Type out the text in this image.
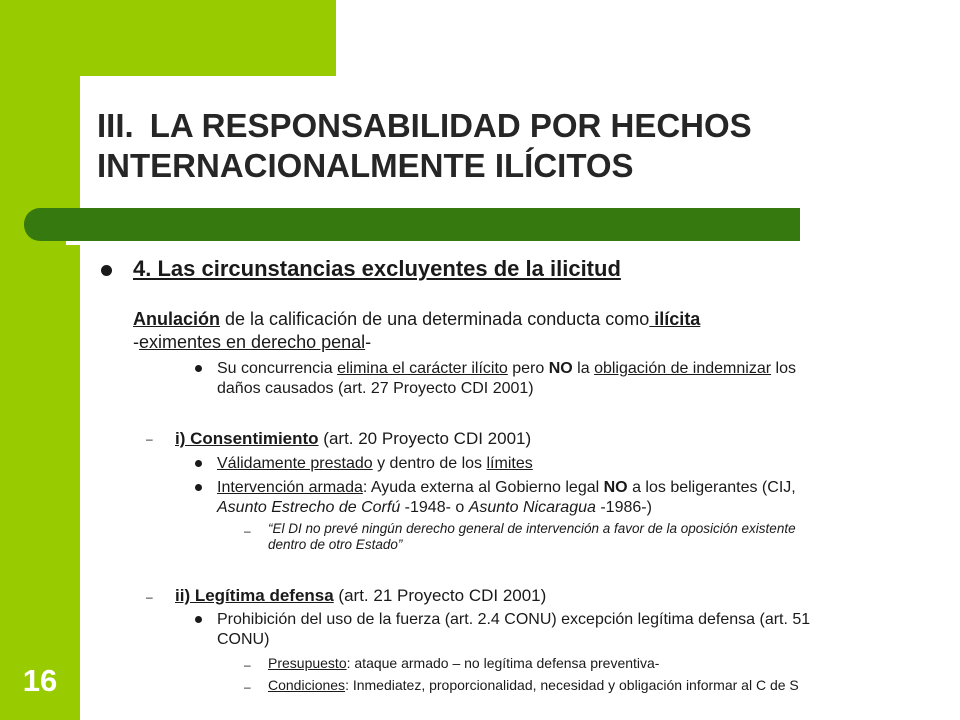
III. LA RESPONSABILIDAD POR HECHOS
INTERNACIONALMENTE ILÍCITOS
16
4. Las circunstancias excluyentes de la ilicitud
Anulación de la calificación de una determinada conducta como ilícita
-eximentes en derecho penal-
Su concurrencia elimina el carácter ilícito pero NO la obligación de indemnizar los
daños causados (art. 27 Proyecto CDI 2001)
– i) Consentimiento (art. 20 Proyecto CDI 2001)
Válidamente prestado y dentro de los límites
Intervención armada: Ayuda externa al Gobierno legal NO a los beligerantes (CIJ,
Asunto Estrecho de Corfú -1948- o Asunto Nicaragua -1986-)
– “El DI no prevé ningún derecho general de intervención a favor de la oposición existente
dentro de otro Estado”
– ii) Legítima defensa (art. 21 Proyecto CDI 2001)
Prohibición del uso de la fuerza (art. 2.4 CONU) excepción legítima defensa (art. 51
CONU)
– Presupuesto: ataque armado – no legítima defensa preventiva-
– Condiciones: Inmediatez, proporcionalidad, necesidad y obligación informar al C de S
